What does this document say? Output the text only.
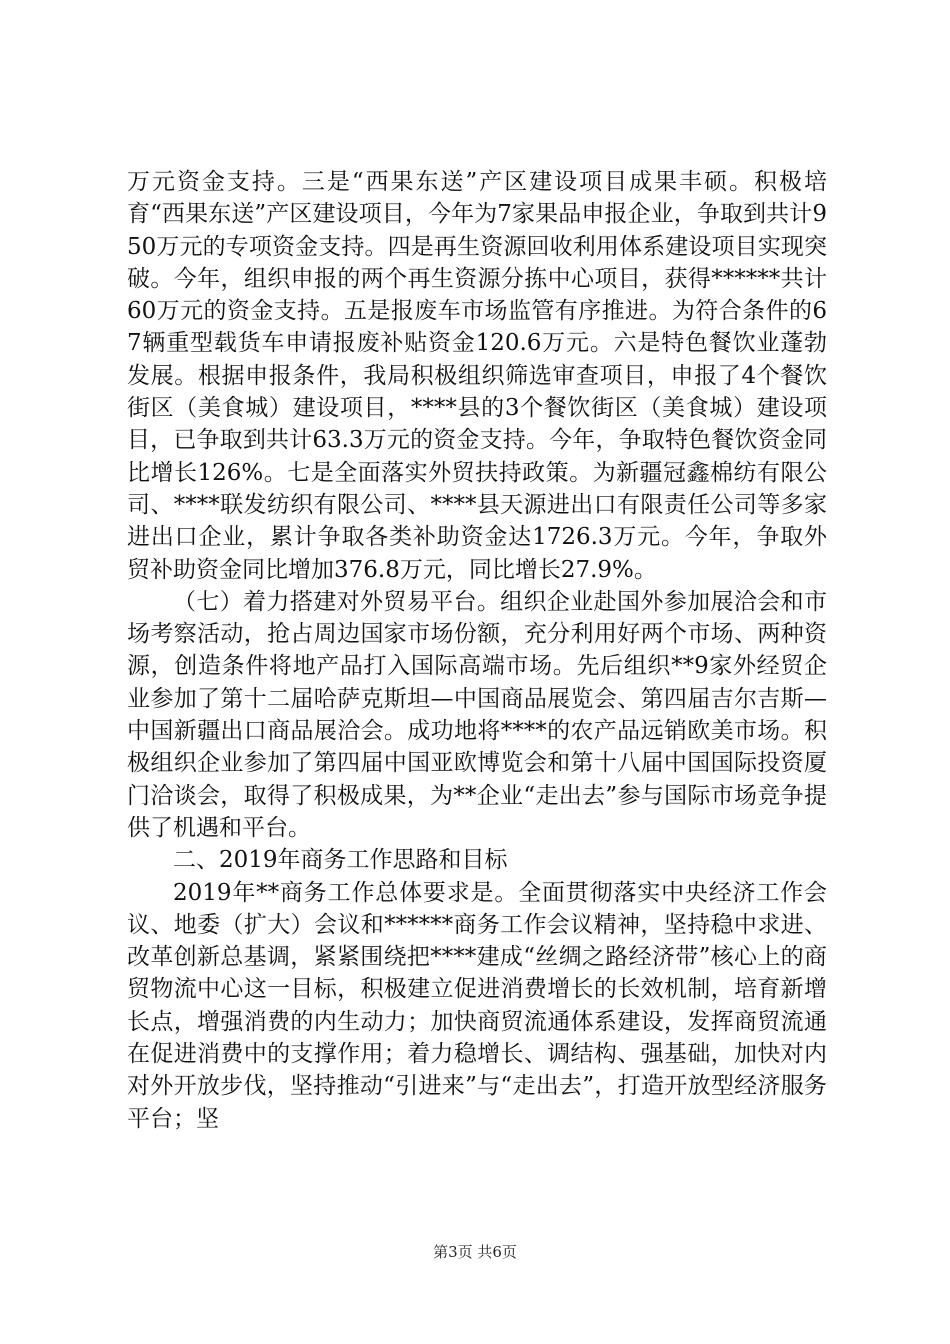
万元资金支持。三是“西果东送”产区建设项目成果丰硕。积极培育“西果东送”产区建设项目，今年为7家果品申报企业，争取到共计950万元的专项资金支持。四是再生资源回收利用体系建设项目实现突破。今年，组织申报的两个再生资源分拣中心项目，获得******共计60万元的资金支持。五是报废车市场监管有序推进。为符合条件的67辆重型载货车申请报废补贴资金120.6万元。六是特色餐饮业蓬勃发展。根据申报条件，我局积极组织筛选审查项目，申报了4个餐饮街区（美食城）建设项目，****县的3个餐饮街区（美食城）建设项目，已争取到共计63.3万元的资金支持。今年，争取特色餐饮资金同比增长126%。七是全面落实外贸扶持政策。为新疆冠鑫棉纺有限公司、****联发纺织有限公司、****县天源进出口有限责任公司等多家进出口企业，累计争取各类补助资金达1726.3万元。今年，争取外贸补助资金同比增加376.8万元，同比增长27.9%。

（七）着力搭建对外贸易平台。组织企业赴国外参加展洽会和市场考察活动，抢占周边国家市场份额，充分利用好两个市场、两种资源，创造条件将地产品打入国际高端市场。先后组织**9家外经贸企业参加了第十二届哈萨克斯坦—中国商品展览会、第四届吉尔吉斯—中国新疆出口商品展洽会。成功地将****的农产品远销欧美市场。积极组织企业参加了第四届中国亚欧博览会和第十八届中国国际投资厦门洽谈会，取得了积极成果，为**企业“走出去”参与国际市场竞争提供了机遇和平台。

二、2019年商务工作思路和目标

2019年**商务工作总体要求是。全面贯彻落实中央经济工作会议、地委（扩大）会议和******商务工作会议精神，坚持稳中求进、改革创新总基调，紧紧围绕把****建成“丝绸之路经济带”核心上的商贸物流中心这一目标，积极建立促进消费增长的长效机制，培育新增长点，增强消费的内生动力；加快商贸流通体系建设，发挥商贸流通在促进消费中的支撑作用；着力稳增长、调结构、强基础，加快对内对外开放步伐，坚持推动“引进来”与“走出去”，打造开放型经济服务平台；坚

第3页 共6页
